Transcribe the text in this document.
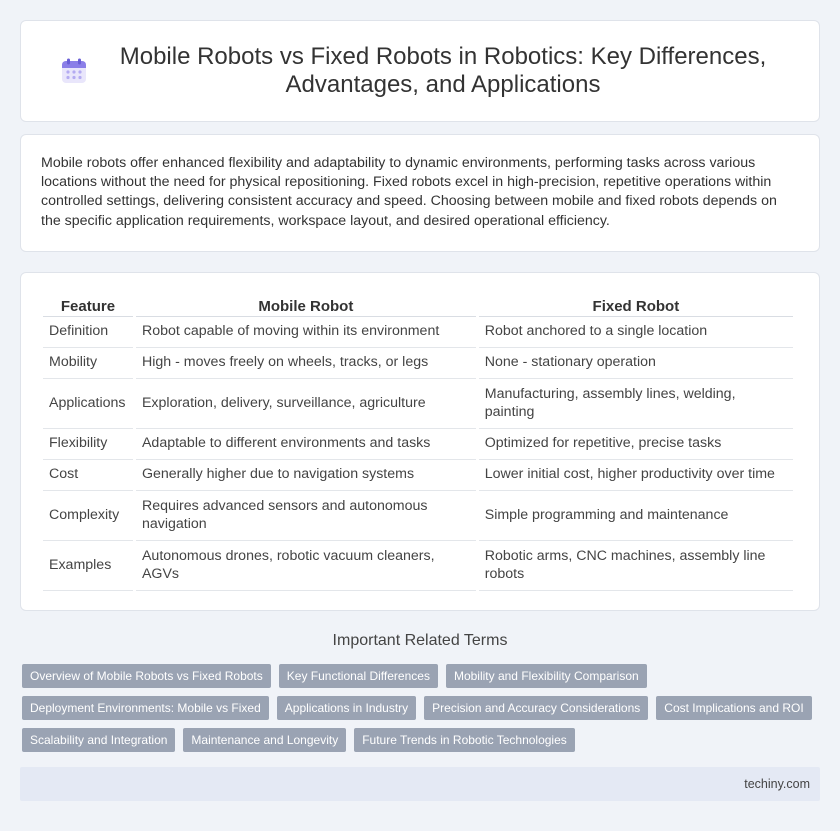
Mobile Robots vs Fixed Robots in Robotics: Key Differences, Advantages, and Applications

Mobile robots offer enhanced flexibility and adaptability to dynamic environments, performing tasks across various locations without the need for physical repositioning. Fixed robots excel in high-precision, repetitive operations within controlled settings, delivering consistent accuracy and speed. Choosing between mobile and fixed robots depends on the specific application requirements, workspace layout, and desired operational efficiency.

Feature	Mobile Robot	Fixed Robot
Definition	Robot capable of moving within its environment	Robot anchored to a single location
Mobility	High - moves freely on wheels, tracks, or legs	None - stationary operation
Applications	Exploration, delivery, surveillance, agriculture	Manufacturing, assembly lines, welding, painting
Flexibility	Adaptable to different environments and tasks	Optimized for repetitive, precise tasks
Cost	Generally higher due to navigation systems	Lower initial cost, higher productivity over time
Complexity	Requires advanced sensors and autonomous navigation	Simple programming and maintenance
Examples	Autonomous drones, robotic vacuum cleaners, AGVs	Robotic arms, CNC machines, assembly line robots
Important Related Terms
Overview of Mobile Robots vs Fixed Robots	Key Functional Differences	Mobility and Flexibility Comparison
Deployment Environments: Mobile vs Fixed	Applications in Industry	Precision and Accuracy Considerations	Cost Implications and ROI
Scalability and Integration	Maintenance and Longevity	Future Trends in Robotic Technologies
techiny.com
